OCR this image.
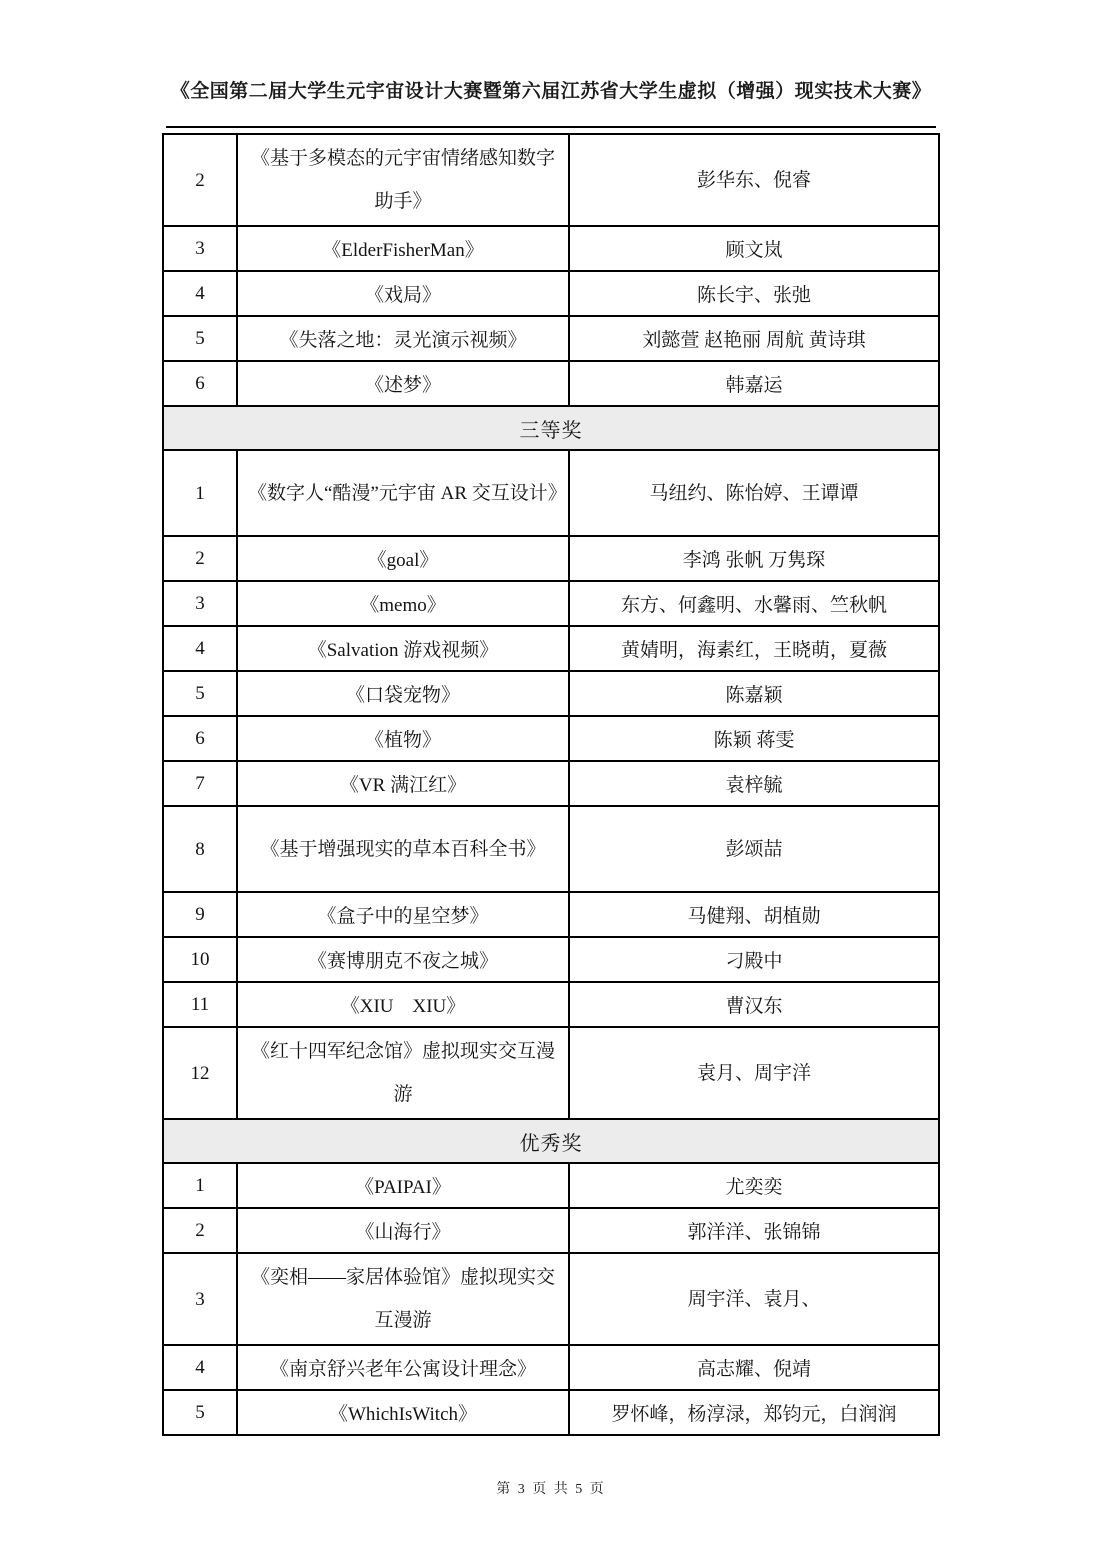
《全国第二届大学生元宇宙设计大赛暨第六届江苏省大学生虚拟（增强）现实技术大赛》
2	《基于多模态的元宇宙情绪感知数字助手》	彭华东、倪睿
3	《ElderFisherMan》	顾文岚
4	《戏局》	陈长宇、张弛
5	《失落之地：灵光演示视频》	刘懿萱 赵艳丽 周航 黄诗琪
6	《述梦》	韩嘉运
三等奖		
1	《数字人“酷漫”元宇宙 AR 交互设计》	马纽约、陈怡婷、王谭谭
2	《goal》	李鸿 张帆 万隽琛
3	《memo》	东方、何鑫明、水馨雨、竺秋帆
4	《Salvation 游戏视频》	黄婧明，海素红，王晓萌，夏薇
5	《口袋宠物》	陈嘉颖
6	《植物》	陈颖 蒋雯
7	《VR 满江红》	袁梓毓
8	《基于增强现实的草本百科全书》	彭颂喆
9	《盒子中的星空梦》	马健翔、胡植勋
10	《赛博朋克不夜之城》	刁殿中
11	《XIU　XIU》	曹汉东
12	《红十四军纪念馆》虚拟现实交互漫游	袁月、周宇洋
优秀奖		
1	《PAIPAI》	尤奕奕
2	《山海行》	郭洋洋、张锦锦
3	《奕相——家居体验馆》虚拟现实交互漫游	周宇洋、袁月、
4	《南京舒兴老年公寓设计理念》	高志耀、倪靖
5	《WhichIsWitch》	罗怀峰，杨淳渌，郑钧元，白润润
第 3 页 共 5 页
